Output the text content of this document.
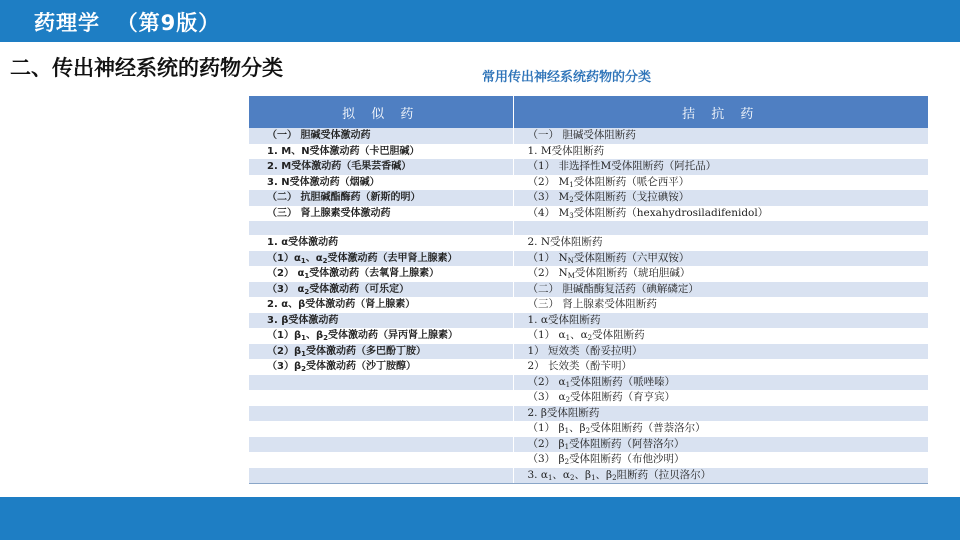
药理学  （第9版）
二、传出神经系统的药物分类	常用传出神经系统药物的分类
拟 似 药	拮 抗 药
（一） 胆碱受体激动药	（一） 胆碱受体阻断药
1. M、N受体激动药（卡巴胆碱）	1. M受体阻断药
2. M受体激动药（毛果芸香碱）	（1） 非选择性M受体阻断药（阿托品）
3. N受体激动药（烟碱）	（2） $M_1$受体阻断药（哌仑西平）
（二） 抗胆碱酯酶药（新斯的明）	（3） $M_2$受体阻断药（戈拉碘铵）
（三） 肾上腺素受体激动药	（4） $M_3$受体阻断药（hexahydrosiladifenidol）

1. α受体激动药	2. N受体阻断药
$(1)\alpha_1$、$\alpha_2$受体激动药（去甲肾上腺素）	（1） $N_N$受体阻断药（六甲双铵）
（2） $\alpha_1$受体激动药（去氧肾上腺素）	（2） $N_M$受体阻断药（琥珀胆碱）
（3） $\alpha_2$受体激动药（可乐定）	（二） 胆碱酯酶复活药（碘解磷定）
2. α、β受体激动药（肾上腺素）	（三） 肾上腺素受体阻断药
3. β受体激动药	1. α受体阻断药
$(1)\beta_1$、$\beta_2$受体激动药（异丙肾上腺素）	（1） $\alpha_1$、$\alpha_2$受体阻断药
$(2)\beta_1$受体激动药（多巴酚丁胺）	1） 短效类（酚妥拉明）
$(3)\beta_2$受体激动药（沙丁胺醇）	2） 长效类（酚苄明）
	（2） $\alpha_1$受体阻断药（哌唑嗪）
	（3） $\alpha_2$受体阻断药（育亨宾）
	2. β受体阻断药
	（1） $\beta_1$、$\beta_2$受体阻断药（普萘洛尔）
	（2） $\beta_1$受体阻断药（阿替洛尔）
	（3） $\beta_2$受体阻断药（布他沙明）
	3. $\alpha_1$、$\alpha_2$、$\beta_1$、$\beta_2$阻断药（拉贝洛尔）
